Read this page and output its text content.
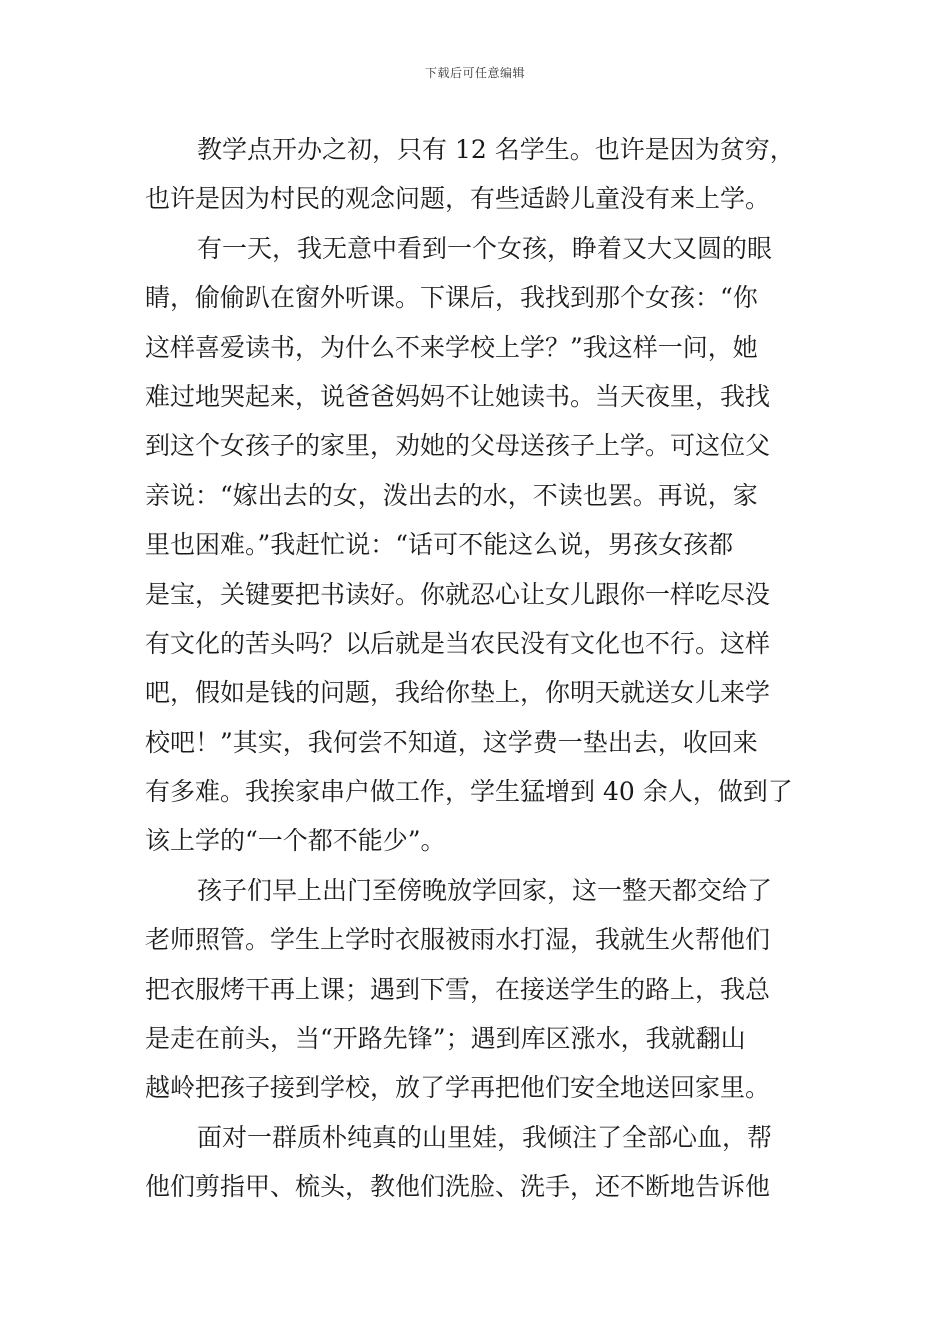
下载后可任意编辑
教学点开办之初，只有 12 名学生。也许是因为贫穷，
也许是因为村民的观念问题，有些适龄儿童没有来上学。
有一天，我无意中看到一个女孩，睁着又大又圆的眼
睛，偷偷趴在窗外听课。下课后，我找到那个女孩：“你
这样喜爱读书，为什么不来学校上学？”我这样一问，她
难过地哭起来，说爸爸妈妈不让她读书。当天夜里，我找
到这个女孩子的家里，劝她的父母送孩子上学。可这位父
亲说：“嫁出去的女，泼出去的水，不读也罢。再说，家
里也困难。”我赶忙说：“话可不能这么说，男孩女孩都
是宝，关键要把书读好。你就忍心让女儿跟你一样吃尽没
有文化的苦头吗？以后就是当农民没有文化也不行。这样
吧，假如是钱的问题，我给你垫上，你明天就送女儿来学
校吧！”其实，我何尝不知道，这学费一垫出去，收回来
有多难。我挨家串户做工作，学生猛增到 40 余人，做到了
该上学的“一个都不能少”。
孩子们早上出门至傍晚放学回家，这一整天都交给了
老师照管。学生上学时衣服被雨水打湿，我就生火帮他们
把衣服烤干再上课；遇到下雪，在接送学生的路上，我总
是走在前头，当“开路先锋”；遇到库区涨水，我就翻山
越岭把孩子接到学校，放了学再把他们安全地送回家里。
面对一群质朴纯真的山里娃，我倾注了全部心血，帮
他们剪指甲、梳头，教他们洗脸、洗手，还不断地告诉他
